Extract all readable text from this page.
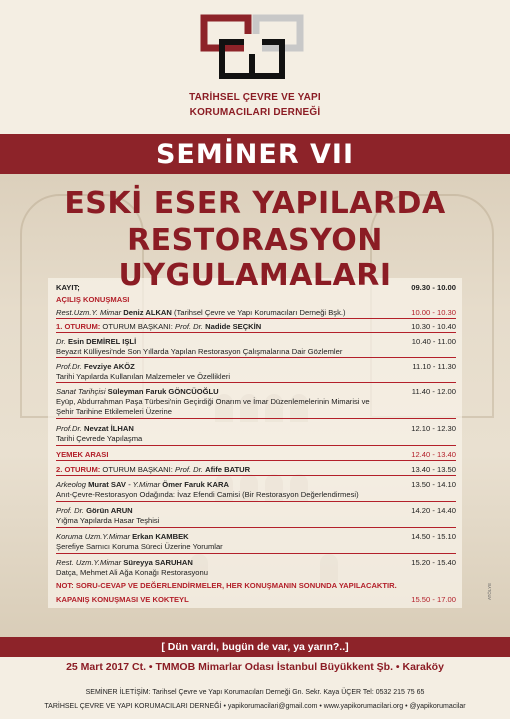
TARİHSEL ÇEVRE VE YAPI
KORUMACILARI DERNEĞİ
SEMİNER VII
ESKİ ESER YAPILARDA
RESTORASYON UYGULAMALARI
KAYIT;	09.30 - 10.00
AÇILIŞ KONUŞMASI
Rest.Uzm.Y. Mimar Deniz ALKAN (Tarihsel Çevre ve Yapı Korumacıları Derneği Bşk.)	10.00 - 10.30
1. OTURUM: OTURUM BAŞKANI: Prof. Dr. Nadide SEÇKİN	10.30 - 10.40
Dr. Esin DEMİREL IŞLİ	10.40 - 11.00
Beyazıt Külliyesi'nde Son Yıllarda Yapılan Restorasyon Çalışmalarına Dair Gözlemler
Prof.Dr. Fevziye AKÖZ	11.10 - 11.30
Tarihi Yapılarda Kullanılan Malzemeler ve Özellikleri
Sanat Tarihçisi Süleyman Faruk GÖNCÜOĞLU	11.40 - 12.00
Eyüp, Abdurrahman Paşa Türbesi'nin Geçirdiği Onarım ve İmar Düzenlemelerinin Mimarisi ve
Şehir Tarihine Etkilemeleri Üzerine
Prof.Dr. Nevzat İLHAN	12.10 - 12.30
Tarihi Çevrede Yapılaşma
YEMEK ARASI	12.40 - 13.40
2. OTURUM: OTURUM BAŞKANI: Prof. Dr. Afife BATUR	13.40 - 13.50
Arkeolog Murat SAV - Y.Mimar Ömer Faruk KARA	13.50 - 14.10
Anıt-Çevre-Restorasyon Odağında: İvaz Efendi Camisi (Bir Restorasyon Değerlendirmesi)
Prof. Dr. Görün ARUN	14.20 - 14.40
Yığma Yapılarda Hasar Teşhisi
Koruma Uzm.Y.Mimar Erkan KAMBEK	14.50 - 15.10
Şerefiye Sarnıcı Koruma Süreci Üzerine Yorumlar
Rest. Uzm.Y.Mimar Süreyya SARUHAN	15.20 - 15.40
Datça, Mehmet Ali Ağa Konağı Restorasyonu
NOT: SORU-CEVAP VE DEĞERLENDİRMELER, HER KONUŞMANIN SONUNDA YAPILACAKTIR.
KAPANIŞ KONUŞMASI VE KOKTEYL	15.50 - 17.00	ATÖLYE
[ Dün vardı, bugün de var, ya yarın?..]
25 Mart 2017 Ct. • TMMOB Mimarlar Odası İstanbul Büyükkent Şb. • Karaköy
SEMİNER İLETİŞİM: Tarihsel Çevre ve Yapı Korumacıları Derneği Gn. Sekr. Kaya ÜÇER Tel: 0532 215 75 65
TARİHSEL ÇEVRE VE YAPI KORUMACILARI DERNEĞİ • yapikorumacilari@gmail.com • www.yapikorumacilari.org • @yapikorumacilar
